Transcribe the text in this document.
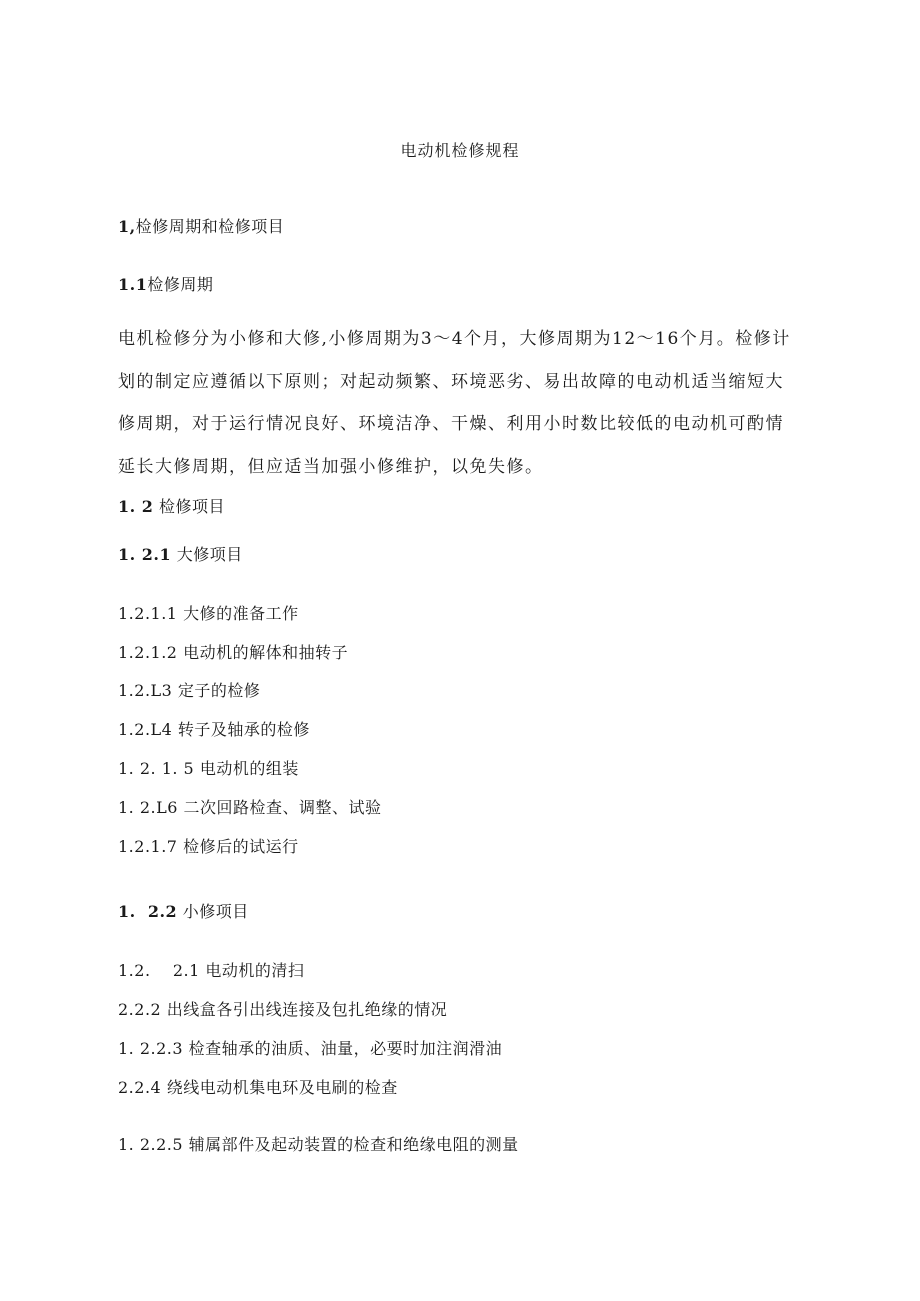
电动机检修规程
1,检修周期和检修项目
1.1检修周期
电机检修分为小修和大修,小修周期为3～4个月，大修周期为12～16个月。检修计
划的制定应遵循以下原则；对起动频繁、环境恶劣、易出故障的电动机适当缩短大
修周期，对于运行情况良好、环境洁净、干燥、利用小时数比较低的电动机可酌情
延长大修周期，但应适当加强小修维护，以免失修。
1. 2 检修项目
1. 2.1 大修项目
1.2.1.1 大修的准备工作
1.2.1.2 电动机的解体和抽转子
1.2.L3 定子的检修
1.2.L4 转子及轴承的检修
1. 2. 1. 5 电动机的组装
1. 2.L6 二次回路检查、调整、试验
1.2.1.7 检修后的试运行
1.  2.2 小修项目
1.2.    2.1 电动机的清扫
2.2.2 出线盒各引出线连接及包扎绝缘的情况
1. 2.2.3 检查轴承的油质、油量，必要时加注润滑油
2.2.4 绕线电动机集电环及电刷的检查
1. 2.2.5 辅属部件及起动装置的检查和绝缘电阻的测量
